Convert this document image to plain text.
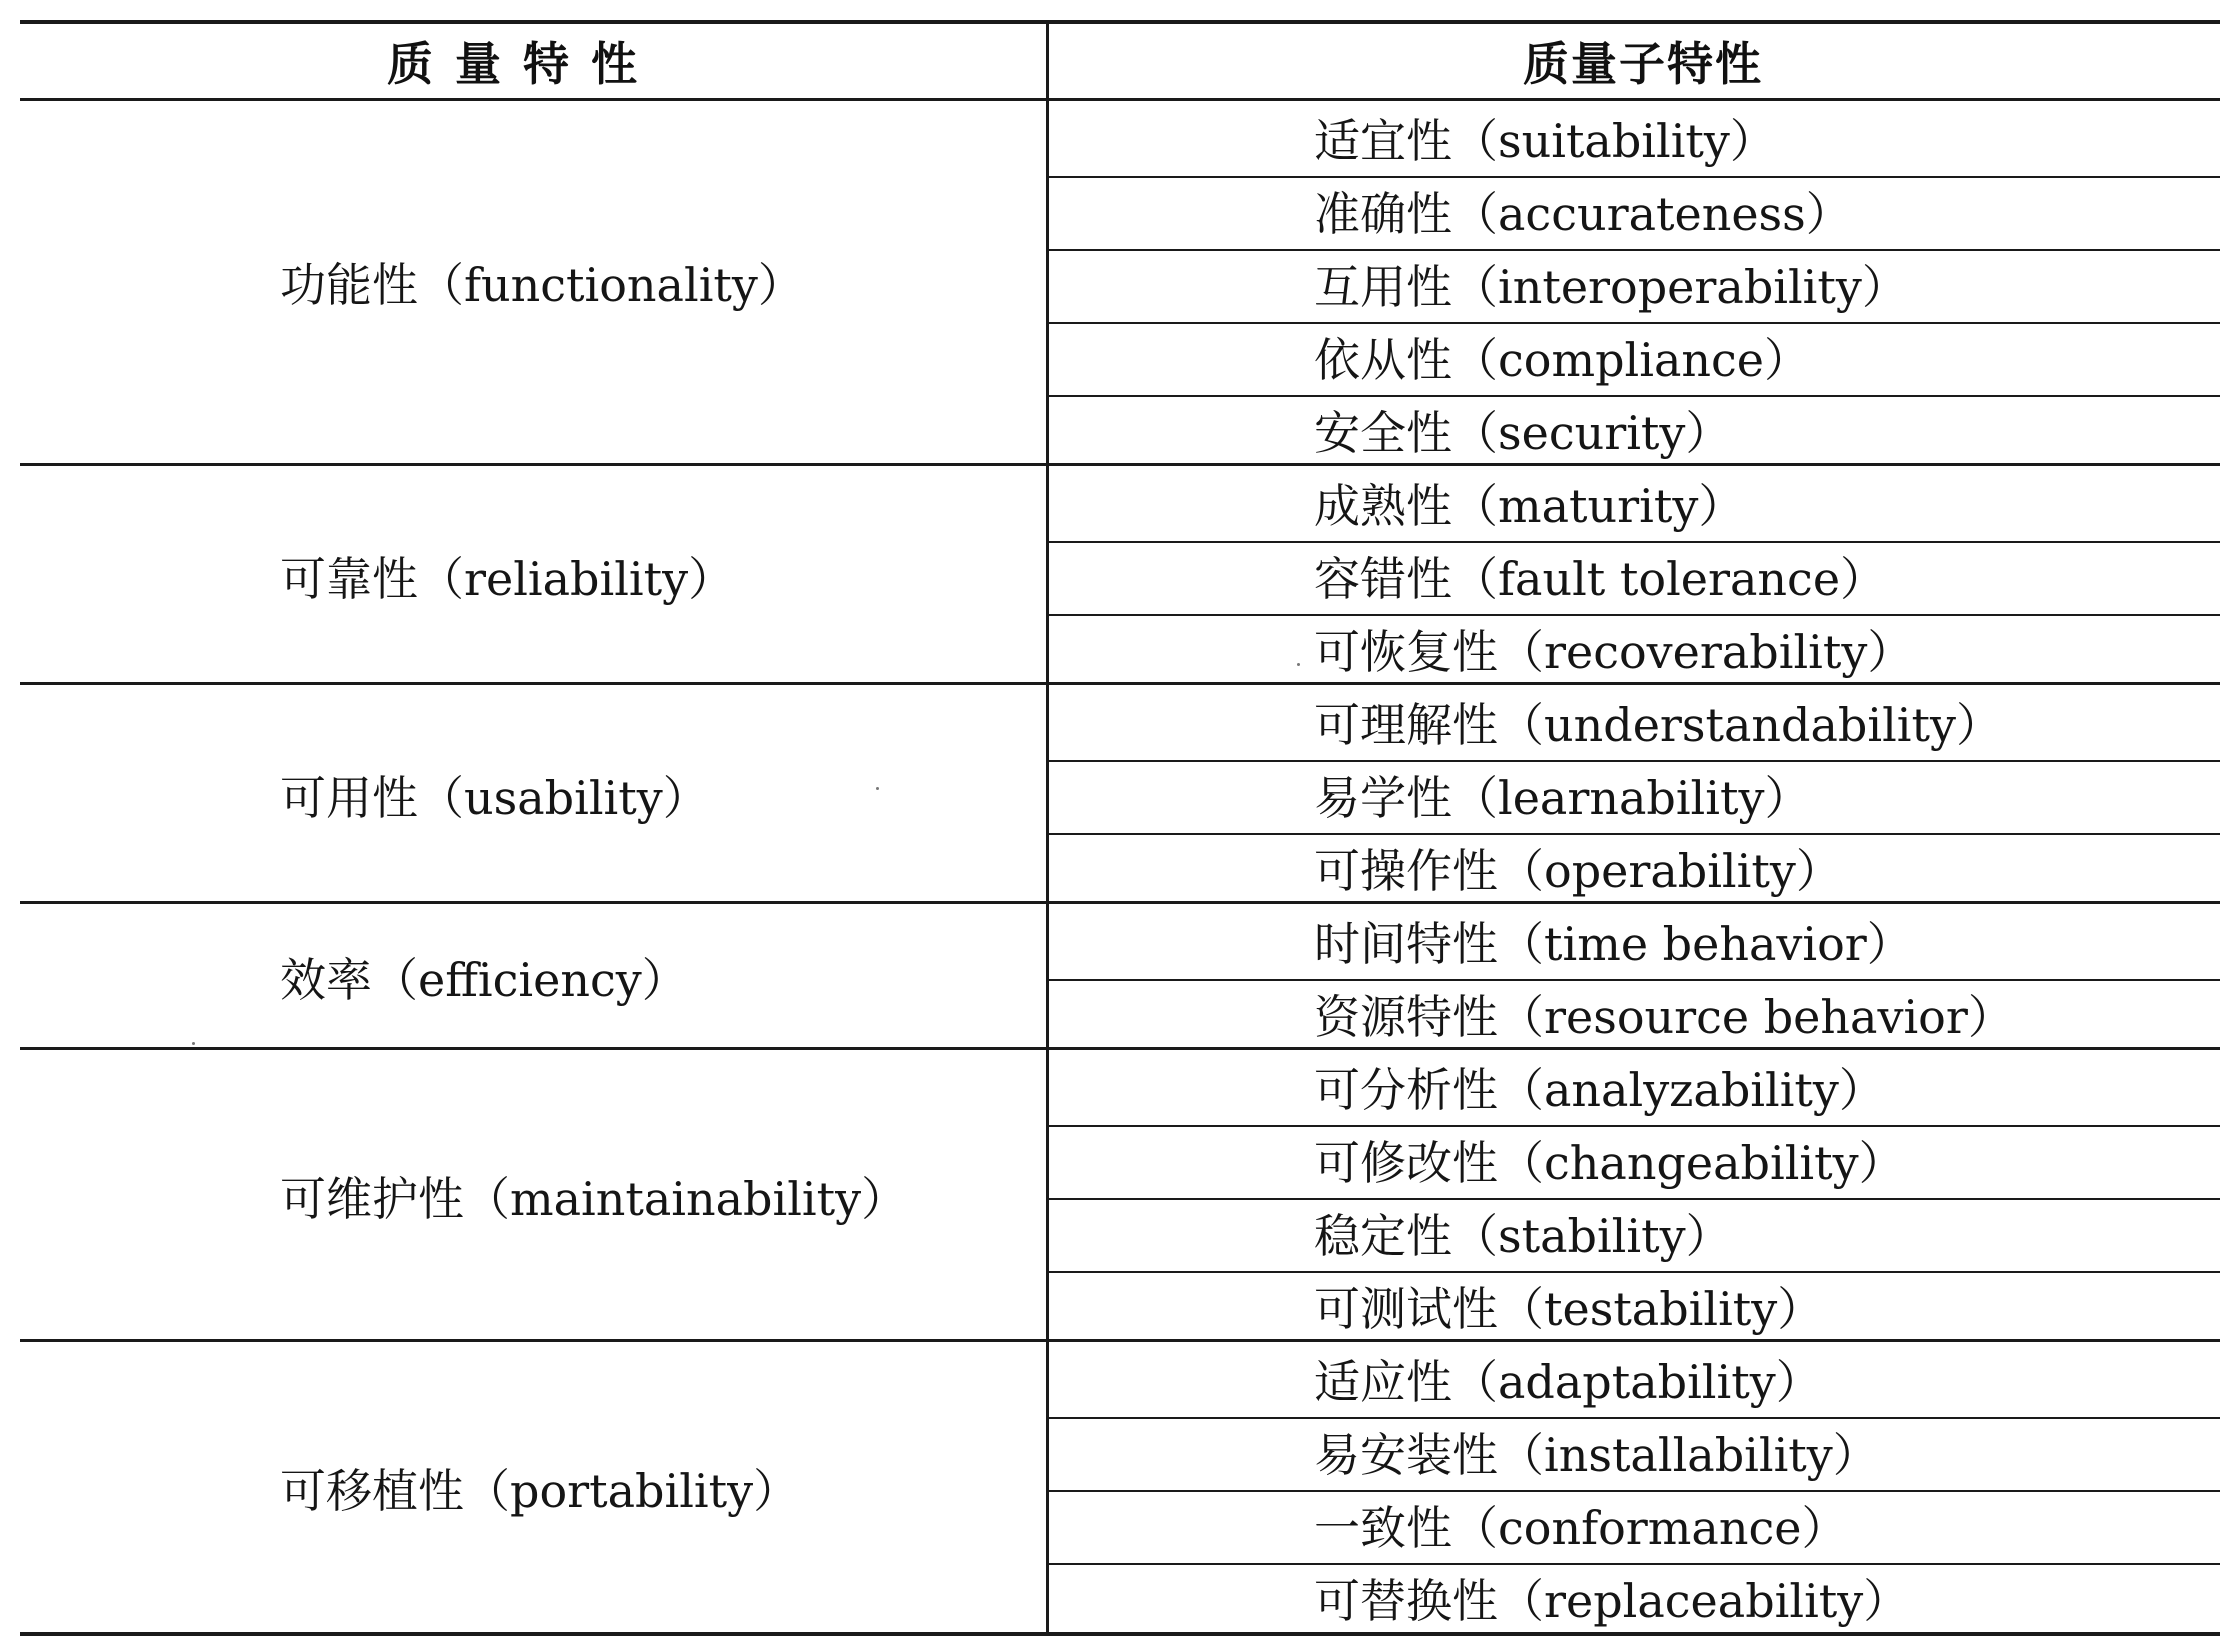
质量特性	质量子特性
功能性（functionality）
适宜性（suitability）
准确性（accurateness）
互用性（interoperability）
依从性（compliance）
安全性（security）
可靠性（reliability）
成熟性（maturity）
容错性（fault tolerance）
可恢复性（recoverability）
可用性（usability）
可理解性（understandability）
易学性（learnability）
可操作性（operability）
效率（efficiency）
时间特性（time behavior）
资源特性（resource behavior）
可维护性（maintainability）
可分析性（analyzability）
可修改性（changeability）
稳定性（stability）
可测试性（testability）
可移植性（portability）
适应性（adaptability）
易安装性（installability）
一致性（conformance）
可替换性（replaceability）
